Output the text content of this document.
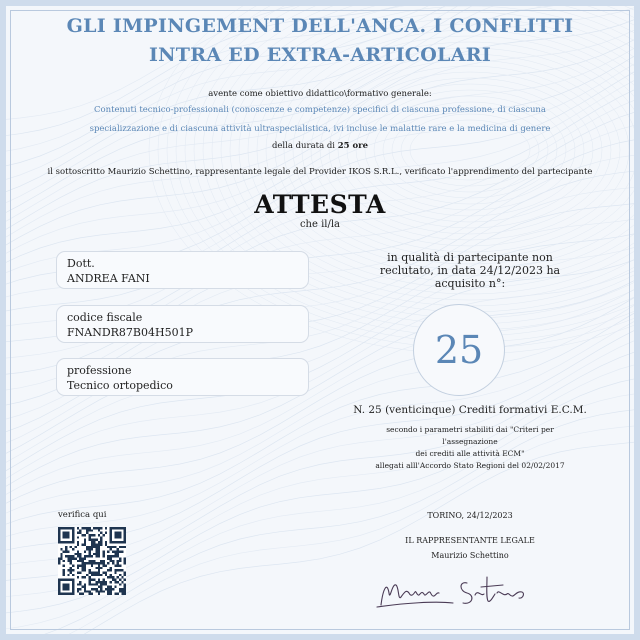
GLI IMPINGEMENT DELL'ANCA. I CONFLITTI INTRA ED EXTRA-ARTICOLARI
avente come obiettivo didattico\formativo generale:
Contenuti tecnico-professionali (conoscenze e competenze) specifici di ciascuna professione, di ciascuna
specializzazione e di ciascuna attività ultraspecialistica, ivi incluse le malattie rare e la medicina di genere
della durata di 25 ore
il sottoscritto Maurizio Schettino, rappresentante legale del Provider IKOS S.R.L., verificato l'apprendimento del partecipante
ATTESTA
che il/la
Dott.
ANDREA FANI
codice fiscale
FNANDR87B04H501P
professione
Tecnico ortopedico
in qualità di partecipante non
reclutato, in data 24/12/2023 ha
acquisito n°:
25
N. 25 (venticinque) Crediti formativi E.C.M.
secondo i parametri stabiliti dai "Criteri per
l'assegnazione
dei crediti alle attività ECM"
allegati alll'Accordo Stato Regioni del 02/02/2017
verifica qui	TORINO, 24/12/2023
IL RAPPRESENTANTE LEGALE
Maurizio Schettino
